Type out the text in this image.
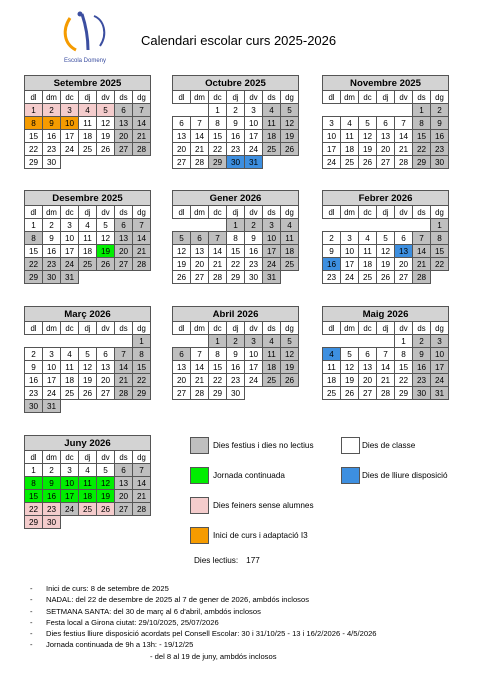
Escola Domeny
Calendari escolar curs 2025-2026
Setembre 2025						
dl	dm	dc	dj	dv	ds	dg
1	2	3	4	5	6	7
8	9	10	11	12	13	14
15	16	17	18	19	20	21
22	23	24	25	26	27	28
29	30					
Octubre 2025						
dl	dm	dc	dj	dv	ds	dg
		1	2	3	4	5
6	7	8	9	10	11	12
13	14	15	16	17	18	19
20	21	22	23	24	25	26
27	28	29	30	31		
Novembre 2025						
dl	dm	dc	dj	dv	ds	dg
					1	2
3	4	5	6	7	8	9
10	11	12	13	14	15	16
17	18	19	20	21	22	23
24	25	26	27	28	29	30
Desembre 2025						
dl	dm	dc	dj	dv	ds	dg
1	2	3	4	5	6	7
8	9	10	11	12	13	14
15	16	17	18	19	20	21
22	23	24	25	26	27	28
29	30	31				
Gener 2026						
dl	dm	dc	dj	dv	ds	dg
			1	2	3	4
5	6	7	8	9	10	11
12	13	14	15	16	17	18
19	20	21	22	23	24	25
26	27	28	29	30	31	
Febrer 2026						
dl	dm	dc	dj	dv	ds	dg
						1
2	3	4	5	6	7	8
9	10	11	12	13	14	15
16	17	18	19	20	21	22
23	24	25	26	27	28	
Març 2026						
dl	dm	dc	dj	dv	ds	dg
						1
2	3	4	5	6	7	8
9	10	11	12	13	14	15
16	17	18	19	20	21	22
23	24	25	26	27	28	29
30	31					
Abril 2026						
dl	dm	dc	dj	dv	ds	dg
		1	2	3	4	5
6	7	8	9	10	11	12
13	14	15	16	17	18	19
20	21	22	23	24	25	26
27	28	29	30			
Maig 2026						
dl	dm	dc	dj	dv	ds	dg
				1	2	3
4	5	6	7	8	9	10
11	12	13	14	15	16	17
18	19	20	21	22	23	24
25	26	27	28	29	30	31
Juny 2026						
dl	dm	dc	dj	dv	ds	dg
1	2	3	4	5	6	7
8	9	10	11	12	13	14
15	16	17	18	19	20	21
22	23	24	25	26	27	28
29	30					
Dies festius i dies no lectius	Dies de classe
Jornada continuada	Dies de lliure disposició
Dies feiners sense alumnes
Inici de curs i adaptació I3
Dies lectius: 177
- Inici de curs: 8 de setembre de 2025
- NADAL: del 22 de desembre de 2025 al 7 de gener de 2026, ambdós inclosos
- SETMANA SANTA: del 30 de març al 6 d'abril, ambdós inclosos
- Festa local a Girona ciutat: 29/10/2025, 25/07/2026
- Dies festius lliure disposició acordats pel Consell Escolar: 30 i 31/10/25 - 13 i 16/2/2026 - 4/5/2026
- Jornada continuada de 9h a 13h: - 19/12/25
- del 8 al 19 de juny, ambdós inclosos
